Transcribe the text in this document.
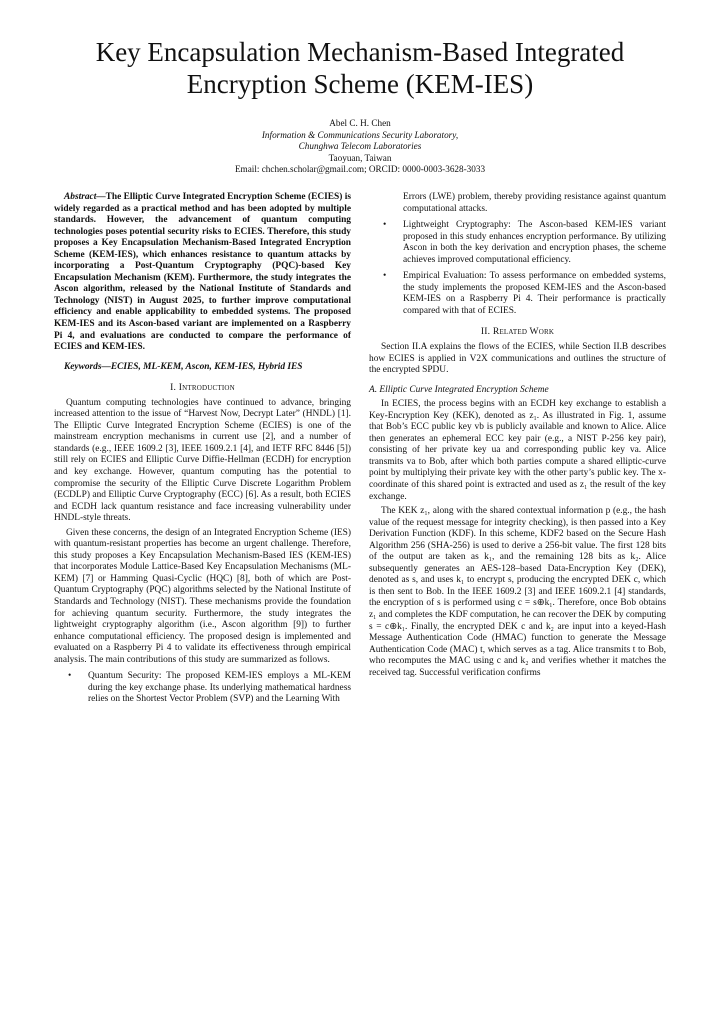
Key Encapsulation Mechanism-Based Integrated Encryption Scheme (KEM-IES)
Abel C. H. Chen
Information & Communications Security Laboratory,
Chunghwa Telecom Laboratories
Taoyuan, Taiwan
Email: chchen.scholar@gmail.com; ORCID: 0000-0003-3628-3033

Abstract—The Elliptic Curve Integrated Encryption Scheme (ECIES) is widely regarded as a practical method and has been adopted by multiple standards. However, the advancement of quantum computing technologies poses potential security risks to ECIES. Therefore, this study proposes a Key Encapsulation Mechanism-Based Integrated Encryption Scheme (KEM-IES), which enhances resistance to quantum attacks by incorporating a Post-Quantum Cryptography (PQC)-based Key Encapsulation Mechanism (KEM). Furthermore, the study integrates the Ascon algorithm, released by the National Institute of Standards and Technology (NIST) in August 2025, to further improve computational efficiency and enable applicability to embedded systems. The proposed KEM-IES and its Ascon-based variant are implemented on a Raspberry Pi 4, and evaluations are conducted to compare the performance of ECIES and KEM-IES.

Keywords—ECIES, ML-KEM, Ascon, KEM-IES, Hybrid IES

I. Introduction

Quantum computing technologies have continued to advance, bringing increased attention to the issue of “Harvest Now, Decrypt Later” (HNDL) [1]. The Elliptic Curve Integrated Encryption Scheme (ECIES) is one of the mainstream encryption mechanisms in current use [2], and a number of standards (e.g., IEEE 1609.2 [3], IEEE 1609.2.1 [4], and IETF RFC 8446 [5]) still rely on ECIES and Elliptic Curve Diffie-Hellman (ECDH) for encryption and key exchange. However, quantum computing has the potential to compromise the security of the Elliptic Curve Discrete Logarithm Problem (ECDLP) and Elliptic Curve Cryptography (ECC) [6]. As a result, both ECIES and ECDH lack quantum resistance and face increasing vulnerability under HNDL-style threats.

Given these concerns, the design of an Integrated Encryption Scheme (IES) with quantum-resistant properties has become an urgent challenge. Therefore, this study proposes a Key Encapsulation Mechanism-Based IES (KEM-IES) that incorporates Module Lattice-Based Key Encapsulation Mechanisms (ML-KEM) [7] or Hamming Quasi-Cyclic (HQC) [8], both of which are Post-Quantum Cryptography (PQC) algorithms selected by the National Institute of Standards and Technology (NIST). These mechanisms provide the foundation for achieving quantum security. Furthermore, the study integrates the lightweight cryptography algorithm (i.e., Ascon algorithm [9]) to further enhance computational efficiency. The proposed design is implemented and evaluated on a Raspberry Pi 4 to validate its effectiveness through empirical analysis. The main contributions of this study are summarized as follows.

• Quantum Security: The proposed KEM-IES employs a ML-KEM during the key exchange phase. Its underlying mathematical hardness relies on the Shortest Vector Problem (SVP) and the Learning With
Errors (LWE) problem, thereby providing resistance against quantum computational attacks.
• Lightweight Cryptography: The Ascon-based KEM-IES variant proposed in this study enhances encryption performance. By utilizing Ascon in both the key derivation and encryption phases, the scheme achieves improved computational efficiency.
• Empirical Evaluation: To assess performance on embedded systems, the study implements the proposed KEM-IES and the Ascon-based KEM-IES on a Raspberry Pi 4. Their performance is practically compared with that of ECIES.
II. Related Work

Section II.A explains the flows of the ECIES, while Section II.B describes how ECIES is applied in V2X communications and outlines the structure of the encrypted SPDU.

A. Elliptic Curve Integrated Encryption Scheme

In ECIES, the process begins with an ECDH key exchange to establish a Key-Encryption Key (KEK), denoted as z₁. As illustrated in Fig. 1, assume that Bob’s ECC public key vb is publicly available and known to Alice. Alice then generates an ephemeral ECC key pair (e.g., a NIST P-256 key pair), consisting of her private key ua and corresponding public key va. Alice transmits va to Bob, after which both parties compute a shared elliptic-curve point by multiplying their private key with the other party’s public key. The x-coordinate of this shared point is extracted and used as z₁ the result of the key exchange.

The KEK z₁, along with the shared contextual information p (e.g., the hash value of the request message for integrity checking), is then passed into a Key Derivation Function (KDF). In this scheme, KDF2 based on the Secure Hash Algorithm 256 (SHA-256) is used to derive a 256-bit value. The first 128 bits of the output are taken as k₁, and the remaining 128 bits as k₂. Alice subsequently generates an AES-128–based Data-Encryption Key (DEK), denoted as s, and uses k₁ to encrypt s, producing the encrypted DEK c, which is then sent to Bob. In the IEEE 1609.2 [3] and IEEE 1609.2.1 [4] standards, the encryption of s is performed using c = s⊕k₁. Therefore, once Bob obtains z₁ and completes the KDF computation, he can recover the DEK by computing s = c⊕k₁. Finally, the encrypted DEK c and k₂ are input into a keyed-Hash Message Authentication Code (HMAC) function to generate the Message Authentication Code (MAC) t, which serves as a tag. Alice transmits t to Bob, who recomputes the MAC using c and k₂ and verifies whether it matches the received tag. Successful verification confirms
